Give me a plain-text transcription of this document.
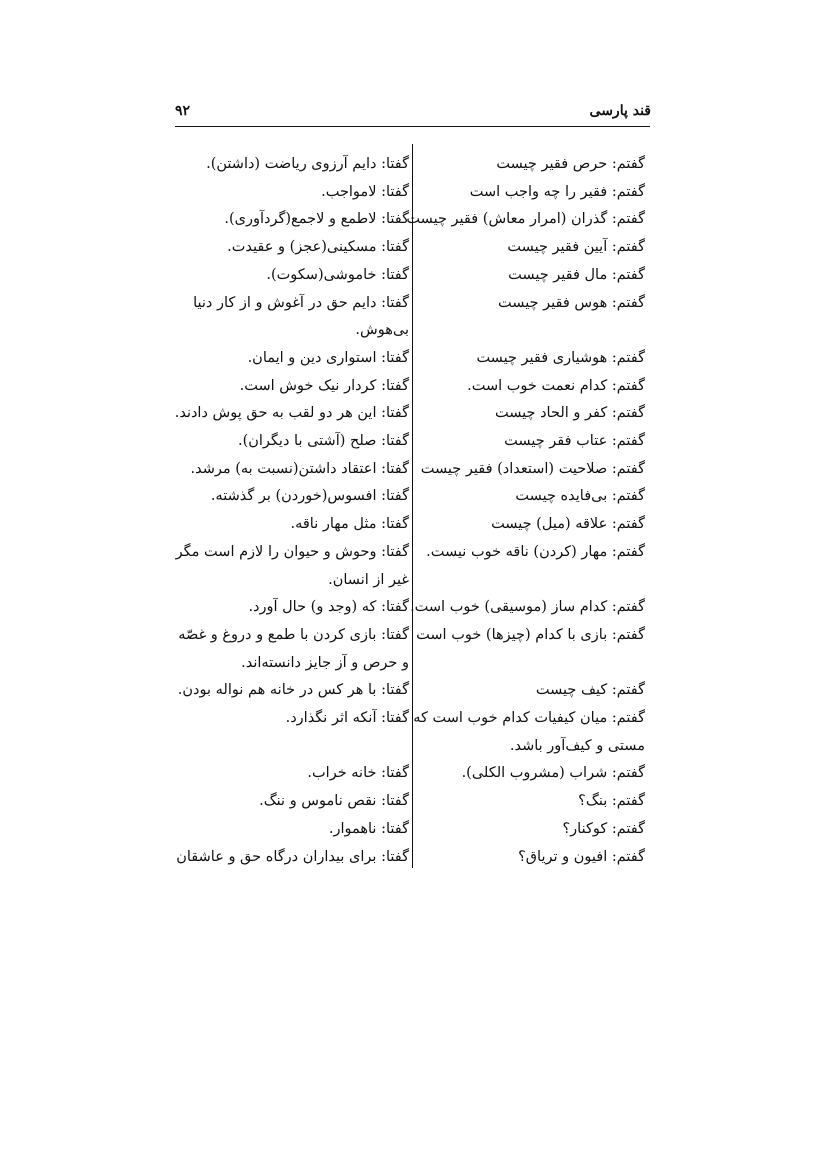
قند پارسی
۹۲
گفتم: حرص فقیر چیست
گفتم: فقیر را چه واجب است
گفتم: گذران (امرار معاش) فقیر چیست
گفتم: آیین فقیر چیست
گفتم: مال فقیر چیست
گفتم: هوس فقیر چیست
گفتم: هوشیاری فقیر چیست
گفتم: کدام نعمت خوب است.
گفتم: کفر و الحاد چیست
گفتم: عتاب فقر چیست
گفتم: صلاحیت (استعداد) فقیر چیست
گفتم: بی‌فایده چیست
گفتم: علاقه (میل) چیست
گفتم: مهار (کردن) ناقه خوب نیست.
گفتم: کدام ساز (موسیقی) خوب است.
گفتم: بازی با کدام (چیزها) خوب است
گفتم: کیف چیست
گفتم: میان کیفیات کدام خوب است که
مستی و کیف‌آور باشد.
گفتم: شراب (مشروب الکلی).
گفتم: بنگ؟
گفتم: کوکنار؟
گفتم: افیون و تریاق؟
گفتا: دایم آرزوی ریاضت (داشتن).
گفتا: لامواجب.
گفتا: لاطمع و لاجمع(گردآوری).
گفتا: مسکینی(عجز) و عقیدت.
گفتا: خاموشی(سکوت).
گفتا: دایم حق در آغوش و از کار دنیا
بی‌هوش.
گفتا: استواری دین و ایمان.
گفتا: کردار نیک خوش است.
گفتا: این هر دو لقب به حق پوش دادند.
گفتا: صلح (آشتی با دیگران).
گفتا: اعتقاد داشتن(نسبت به) مرشد.
گفتا: افسوس(خوردن) بر گذشته.
گفتا: مثل مهار ناقه.
گفتا: وحوش و حیوان را لازم است مگر
غیر از انسان.
گفتا: که (وجد و) حال آورد.
گفتا: بازی کردن با طمع و دروغ و غصّه
و حرص و آز جایز دانسته‌اند.
گفتا: با هر کس در خانه هم نواله بودن.
گفتا: آنکه اثر نگذارد.
گفتا: خانه خراب.
گفتا: نقص ناموس و ننگ.
گفتا: ناهموار.
گفتا: برای بیداران درگاه حق و عاشقان
